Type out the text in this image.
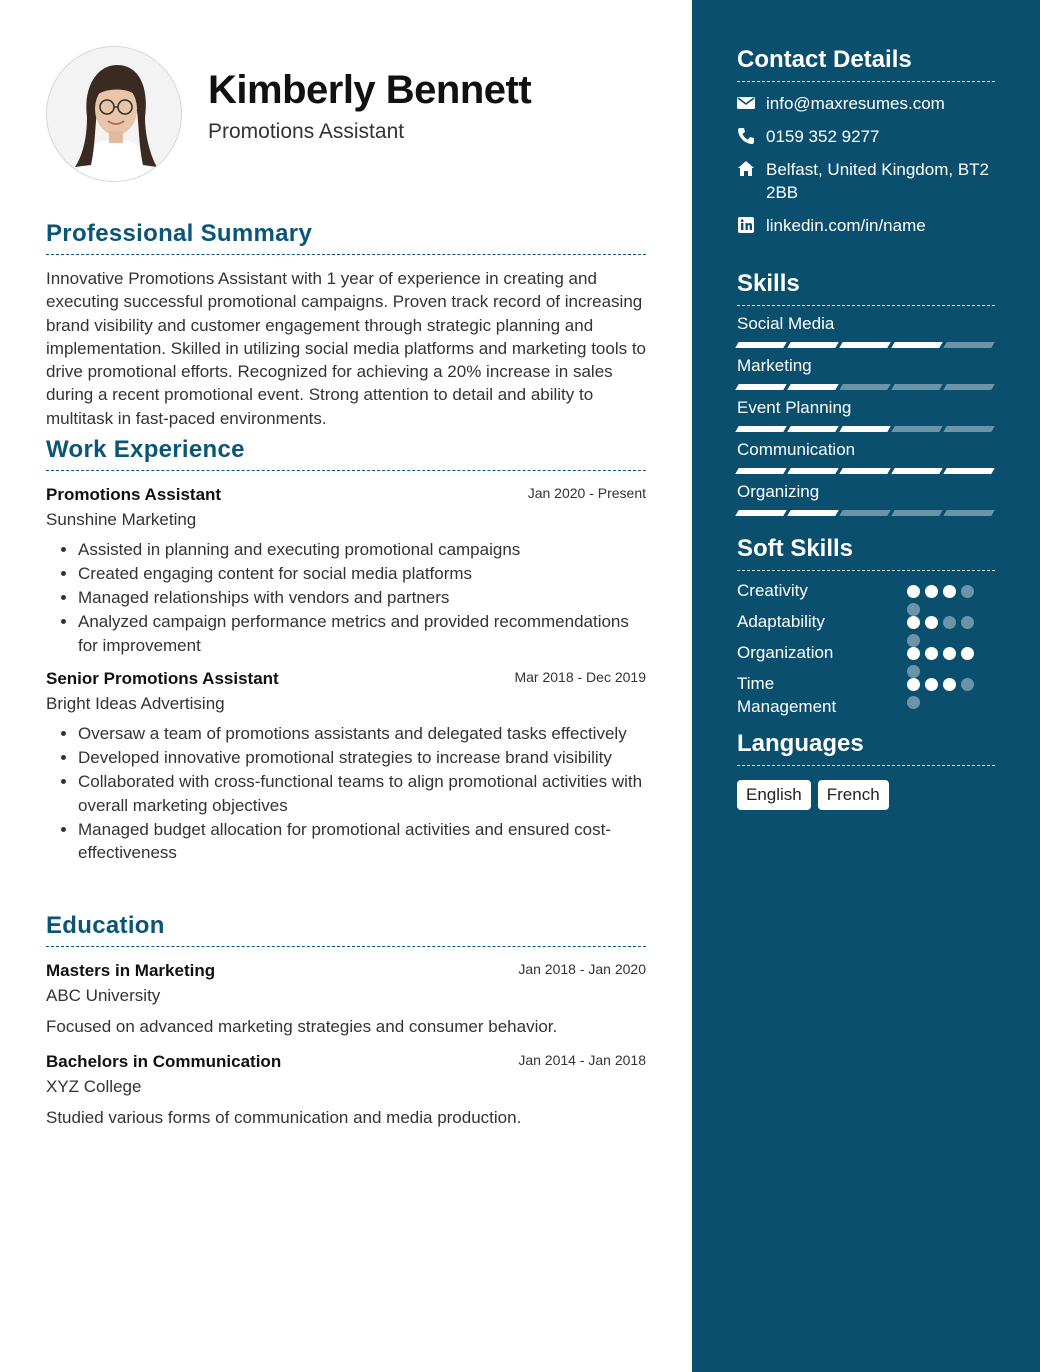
Kimberly Bennett
Promotions Assistant
Professional Summary
Innovative Promotions Assistant with 1 year of experience in creating and executing successful promotional campaigns. Proven track record of increasing brand visibility and customer engagement through strategic planning and implementation. Skilled in utilizing social media platforms and marketing tools to drive promotional efforts. Recognized for achieving a 20% increase in sales during a recent promotional event. Strong attention to detail and ability to multitask in fast-paced environments.
Work Experience
Promotions Assistant	Jan 2020 - Present
Sunshine Marketing
• Assisted in planning and executing promotional campaigns
• Created engaging content for social media platforms
• Managed relationships with vendors and partners
• Analyzed campaign performance metrics and provided recommendations for improvement
Senior Promotions Assistant	Mar 2018 - Dec 2019
Bright Ideas Advertising
• Oversaw a team of promotions assistants and delegated tasks effectively
• Developed innovative promotional strategies to increase brand visibility
• Collaborated with cross-functional teams to align promotional activities with overall marketing objectives
• Managed budget allocation for promotional activities and ensured cost-effectiveness
Education
Masters in Marketing	Jan 2018 - Jan 2020
ABC University
Focused on advanced marketing strategies and consumer behavior.
Bachelors in Communication	Jan 2014 - Jan 2018
XYZ College
Studied various forms of communication and media production.
Contact Details
info@maxresumes.com
0159 352 9277
Belfast, United Kingdom, BT2 2BB
linkedin.com/in/name
Skills
Social Media
Marketing
Event Planning
Communication
Organizing
Soft Skills
Creativity
Adaptability
Organization
Time Management
Languages
English	French
